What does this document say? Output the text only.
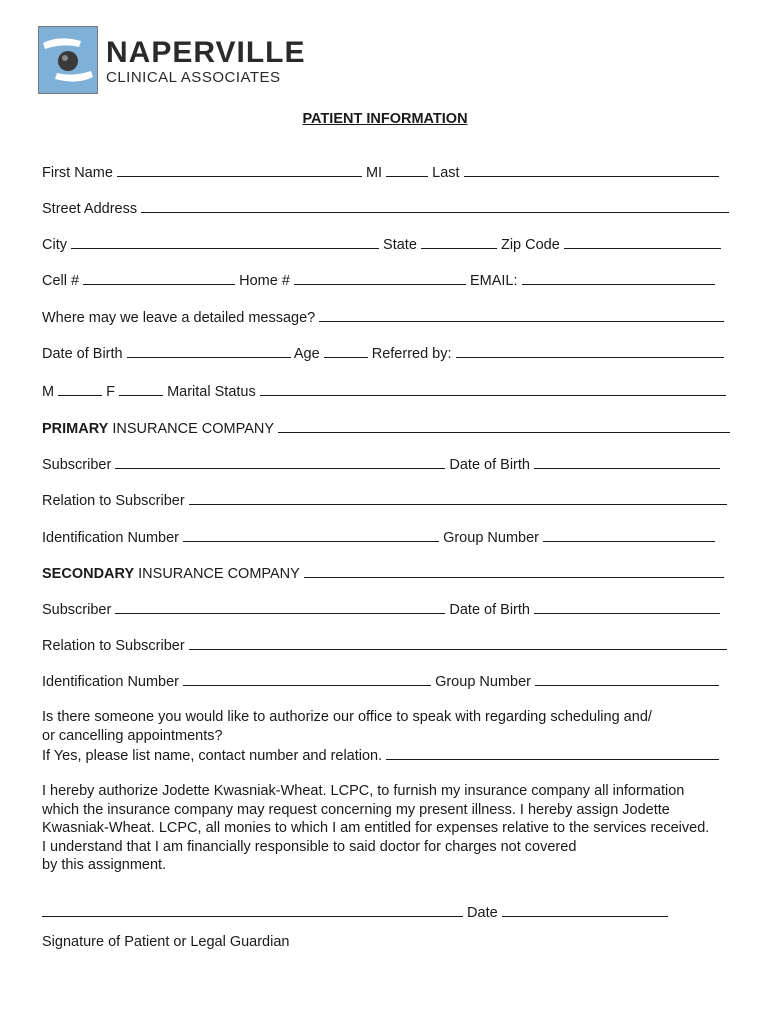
NAPERVILLE
CLINICAL ASSOCIATES
PATIENT INFORMATION
First Name	MI	Last
Street Address
City	State	Zip Code
Cell #	Home #	EMAIL:
Where may we leave a detailed message?
Date of Birth	Age	Referred by:
M	F	Marital Status
PRIMARY INSURANCE COMPANY
Subscriber	Date of Birth
Relation to Subscriber
Identification Number	Group Number
SECONDARY INSURANCE COMPANY
Subscriber	Date of Birth
Relation to Subscriber
Identification Number	Group Number
Is there someone you would like to authorize our office to speak with regarding scheduling and/
or cancelling appointments?
If Yes, please list name, contact number and relation.
I hereby authorize Jodette Kwasniak-Wheat. LCPC, to furnish my insurance company all information
which the insurance company may request concerning my present illness. I hereby assign Jodette
Kwasniak-Wheat. LCPC, all monies to which I am entitled for expenses relative to the services received.
I understand that I am financially responsible to said doctor for charges not covered
by this assignment.
Date
Signature of Patient or Legal Guardian
